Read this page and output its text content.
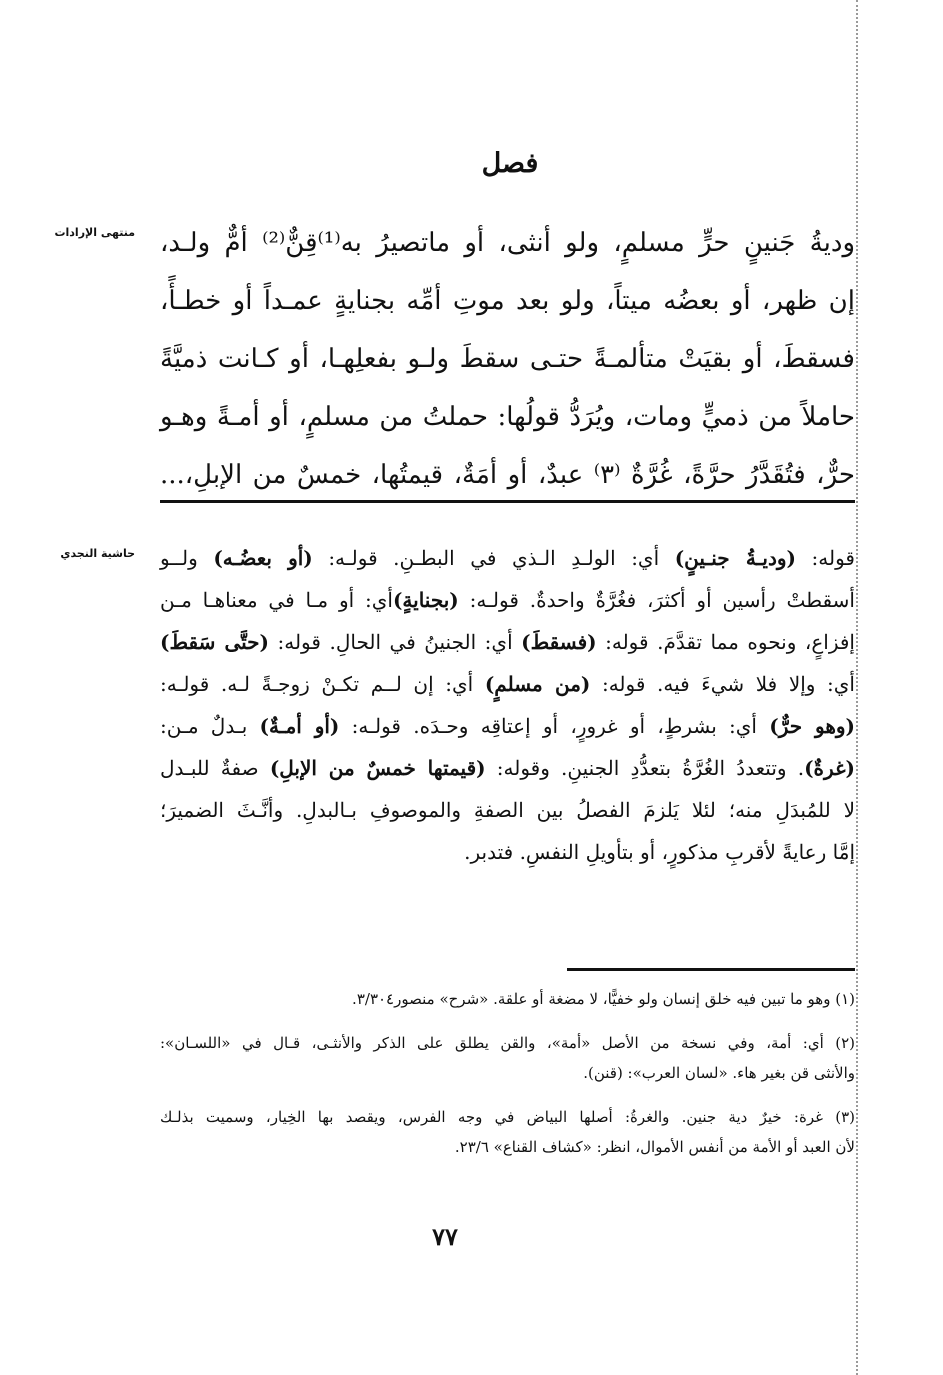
فصل
منتهى الإرادات
حاشية النجدي
وديةُ جَنينٍ حرٍّ مسلمٍ، ولو أنثى، أو ماتصيرُ به⁽¹⁾قِنٌّ⁽²⁾ أمٌّ ولـد،
إن ظهر، أو بعضُه ميتاً، ولو بعد موتِ أمِّه بجنايةٍ عمـداً أو خطـأً،
فسقطَ، أو بقيَتْ متألمـةً حتـى سقطَ ولـو بفعلِهـا، أو كـانت ذميَّةً
حاملاً من ذميٍّ ومات، ويُرَدُّ قولُها: حملتُ من مسلمٍ، أو أمـةً وهـو
حرٌّ، فتُقَدَّرُ حرَّةً، غُرَّةٌ ⁽٣⁾ عبدٌ، أو أمَةٌ، قيمتُها، خمسٌ من الإبلِ،...
قوله: (وديـةُ جنـينٍ) أي: الولـدِ الـذي في البطـنِ. قولـه: (أو بعضُـه) ولــو
أسقطتْ رأسين أو أكثرَ، فغُرَّةٌ واحدةٌ. قولـه: (بجنايةٍ)أي: أو مـا في معناهـا مـن
إفزاعٍ، ونحوه مما تقدَّمَ. قوله: (فسقطَ) أي: الجنينُ في الحالِ. قوله: (حتَّى سَقطَ)
أي: وإلا فلا شيءَ فيه. قوله: (من مسلمٍ) أي: إن لــم تكـنْ زوجـةً لـه. قولـه:
(وهو حرٌّ) أي: بشرطٍ، أو غرورٍ، أو إعتاقِه وحـدَه. قولـه: (أو أمـةٌ) بـدلٌ مـن:
(غرةٌ). وتتعددُ الغُرَّةُ بتعدُّدِ الجنينِ. وقوله: (قيمتها خمسٌ من الإبلِ) صفةٌ للبـدل
لا للمُبدَلِ منه؛ لئلا يَلزمَ الفصلُ بين الصفةِ والموصوفِ بـالبدلِ. وأنَّـثَ الضميرَ؛
إمَّا رعايةً لأقربِ مذكورٍ، أو بتأويلِ النفسِ. فتدبر.
(١) وهو ما تبين فيه خلق إنسان ولو خفيًّا، لا مضغة أو علقة. «شرح» منصور٣/٣٠٤.
(٢) أي: أمة، وفي نسخة من الأصل «أمة»، والقن يطلق على الذكر والأنثـى، قـال في «اللسـان»:
والأنثى قن بغير هاء. «لسان العرب»: (قنن).
(٣) غرة: خيرٌ دية جنين. والغرةُ: أصلها البياض في وجه الفرس، ويقصد بها الخِيار، وسميت بذلـك
لأن العبد أو الأمة من أنفس الأموال، انظر: «كشاف القناع» ٢٣/٦.
٧٧
